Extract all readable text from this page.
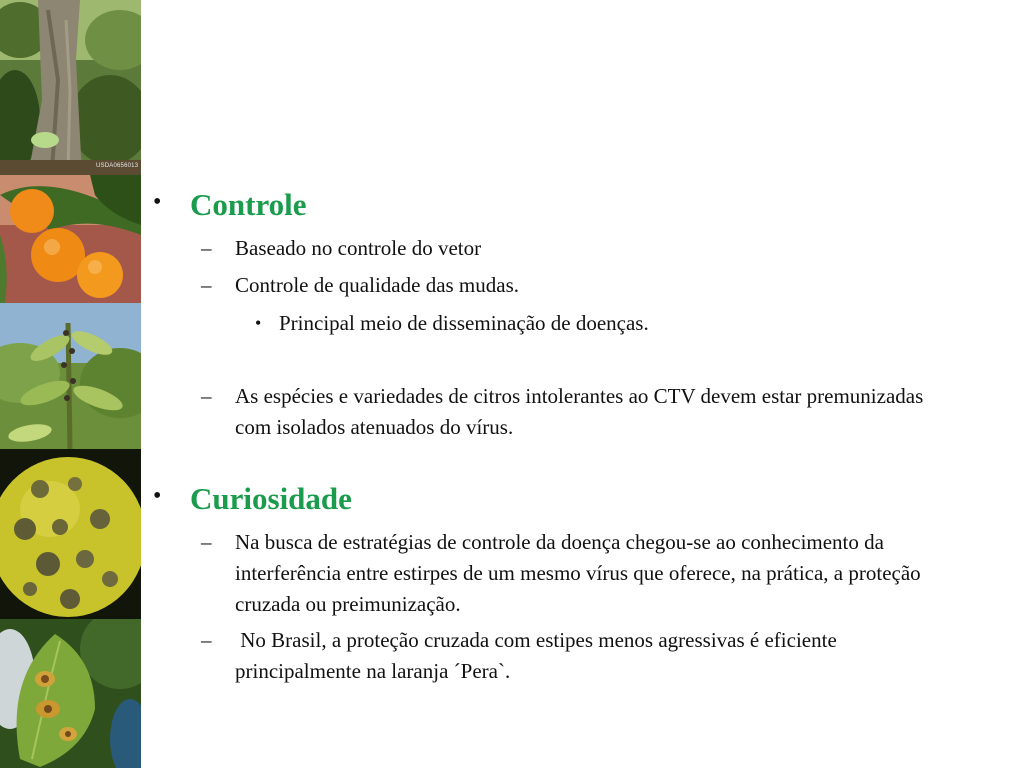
USDA0656013
• Controle
– Baseado no controle do vetor
– Controle de qualidade das mudas.
• Principal meio de disseminação de doenças.
– As espécies e variedades de citros intolerantes ao CTV devem estar premunizadas com isolados atenuados do vírus.
• Curiosidade
– Na busca de estratégias de controle da doença chegou-se ao conhecimento da interferência entre estirpes de um mesmo vírus que oferece, na prática, a proteção cruzada ou preimunização.
– No Brasil, a proteção cruzada com estipes menos agressivas é eficiente principalmente na laranja ´Pera`.
